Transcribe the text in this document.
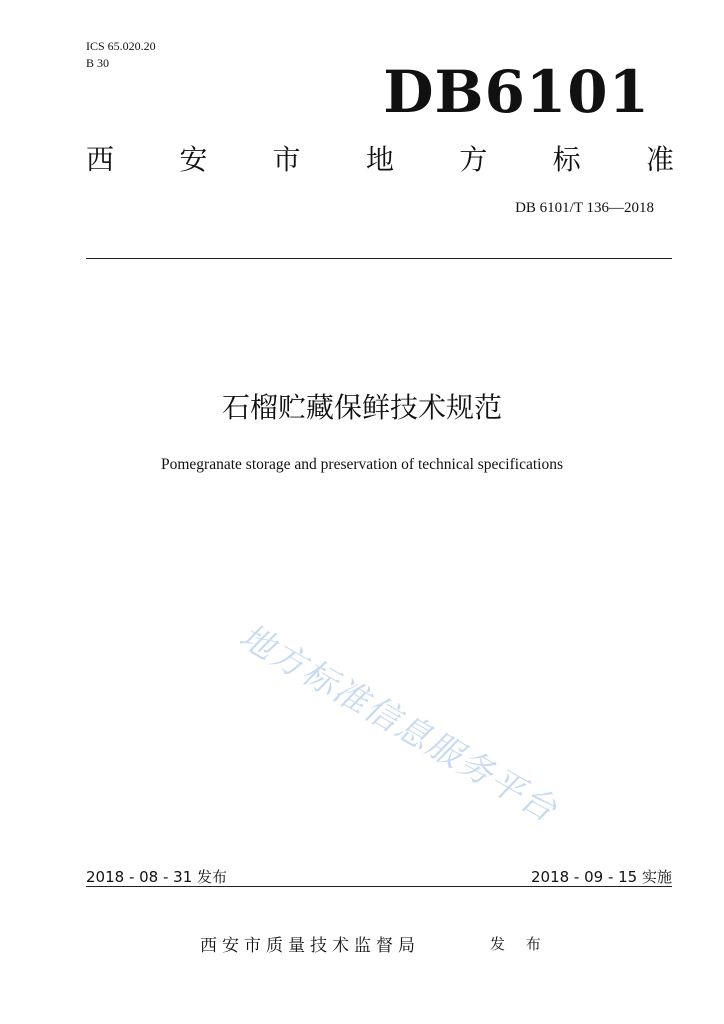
ICS 65.020.20
B 30	DB6101
西 安 市 地 方 标 准
DB 6101/T 136—2018
石榴贮藏保鲜技术规范
Pomegranate storage and preservation of technical specifications
地方标准信息服务平台
2018 - 08 - 31 发布	2018 - 09 - 15 实施
西安市质量技术监督局	发 布
